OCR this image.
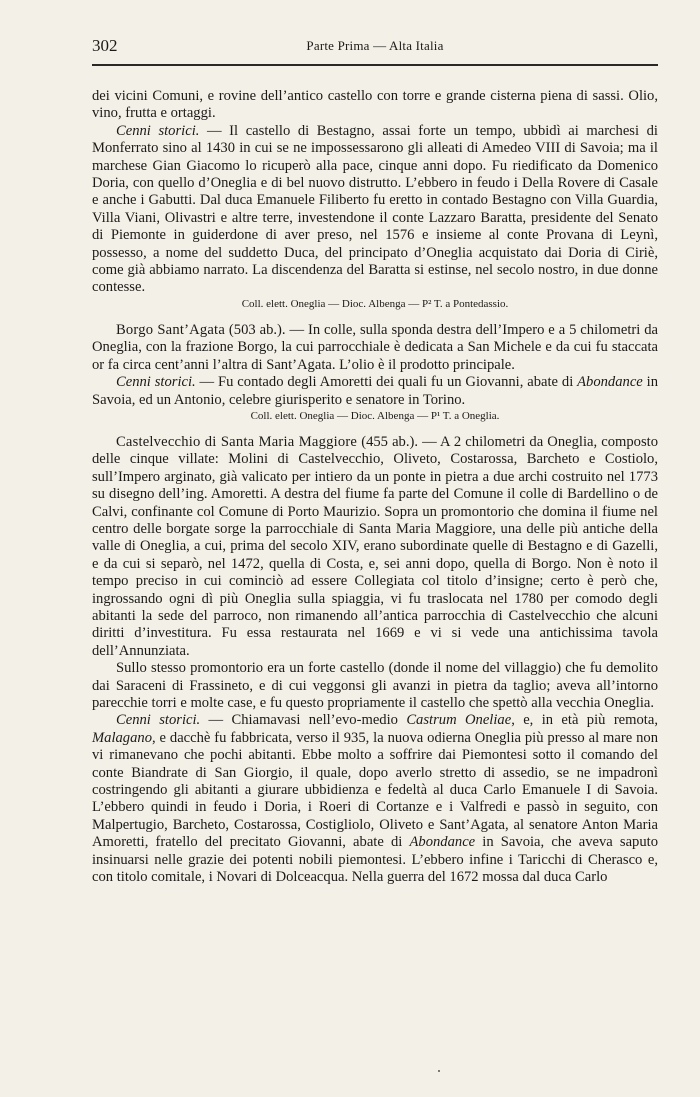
302	Parte Prima — Alta Italia

dei vicini Comuni, e rovine dell’antico castello con torre e grande cisterna piena di sassi. Olio, vino, frutta e ortaggi.

Cenni storici. — Il castello di Bestagno, assai forte un tempo, ubbidì ai marchesi di Monferrato sino al 1430 in cui se ne impossessarono gli alleati di Amedeo VIII di Savoia; ma il marchese Gian Giacomo lo ricuperò alla pace, cinque anni dopo. Fu riedificato da Domenico Doria, con quello d’Oneglia e di bel nuovo distrutto. L’ebbero in feudo i Della Rovere di Casale e anche i Gabutti. Dal duca Emanuele Filiberto fu eretto in contado Bestagno con Villa Guardia, Villa Viani, Olivastri e altre terre, investendone il conte Lazzaro Baratta, presidente del Senato di Piemonte in guiderdone di aver preso, nel 1576 e insieme al conte Provana di Leynì, possesso, a nome del suddetto Duca, del principato d’Oneglia acquistato dai Doria di Ciriè, come già abbiamo narrato. La discendenza del Baratta si estinse, nel secolo nostro, in due donne contesse.

Coll. elett. Oneglia — Dioc. Albenga — P² T. a Pontedassio.

Borgo Sant’Agata (503 ab.). — In colle, sulla sponda destra dell’Impero e a 5 chilometri da Oneglia, con la frazione Borgo, la cui parrocchiale è dedicata a San Michele e da cui fu staccata or fa circa cent’anni l’altra di Sant’Agata. L’olio è il prodotto principale.

Cenni storici. — Fu contado degli Amoretti dei quali fu un Giovanni, abate di Abondance in Savoia, ed un Antonio, celebre giurisperito e senatore in Torino.

Coll. elett. Oneglia — Dioc. Albenga — P¹ T. a Oneglia.

Castelvecchio di Santa Maria Maggiore (455 ab.). — A 2 chilometri da Oneglia, composto delle cinque villate: Molini di Castelvecchio, Oliveto, Costarossa, Barcheto e Costiolo, sull’Impero arginato, già valicato per intiero da un ponte in pietra a due archi costruito nel 1773 su disegno dell’ing. Amoretti. A destra del fiume fa parte del Comune il colle di Bardellino o de Calvi, confinante col Comune di Porto Maurizio. Sopra un promontorio che domina il fiume nel centro delle borgate sorge la parrocchiale di Santa Maria Maggiore, una delle più antiche della valle di Oneglia, a cui, prima del secolo XIV, erano subordinate quelle di Bestagno e di Gazelli, e da cui si separò, nel 1472, quella di Costa, e, sei anni dopo, quella di Borgo. Non è noto il tempo preciso in cui cominciò ad essere Collegiata col titolo d’insigne; certo è però che, ingrossando ogni dì più Oneglia sulla spiaggia, vi fu traslocata nel 1780 per comodo degli abitanti la sede del parroco, non rimanendo all’antica parrocchia di Castelvecchio che alcuni diritti d’investitura. Fu essa restaurata nel 1669 e vi si vede una antichissima tavola dell’Annunziata.

Sullo stesso promontorio era un forte castello (donde il nome del villaggio) che fu demolito dai Saraceni di Frassineto, e di cui veggonsi gli avanzi in pietra da taglio; aveva all’intorno parecchie torri e molte case, e fu questo propriamente il castello che spettò alla vecchia Oneglia.

Cenni storici. — Chiamavasi nell’evo-medio Castrum Oneliae, e, in età più remota, Malagano, e dacchè fu fabbricata, verso il 935, la nuova odierna Oneglia più presso al mare non vi rimanevano che pochi abitanti. Ebbe molto a soffrire dai Piemontesi sotto il comando del conte Biandrate di San Giorgio, il quale, dopo averlo stretto di assedio, se ne impadronì costringendo gli abitanti a giurare ubbidienza e fedeltà al duca Carlo Emanuele I di Savoia. L’ebbero quindi in feudo i Doria, i Roeri di Cortanze e i Valfredi e passò in seguito, con Malpertugio, Barcheto, Costarossa, Costigliolo, Oliveto e Sant’Agata, al senatore Anton Maria Amoretti, fratello del precitato Giovanni, abate di Abondance in Savoia, che aveva saputo insinuarsi nelle grazie dei potenti nobili piemontesi. L’ebbero infine i Taricchi di Cherasco e, con titolo comitale, i Novari di Dolceacqua. Nella guerra del 1672 mossa dal duca Carlo
